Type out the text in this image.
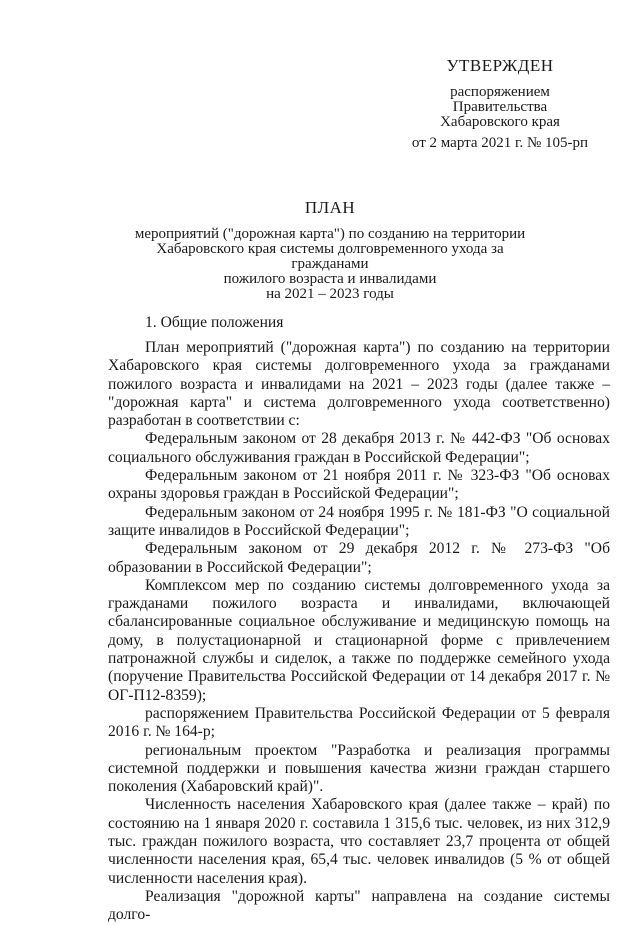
УТВЕРЖДЕН
распоряжением
Правительства
Хабаровского края
от 2 марта 2021 г. № 105-рп
ПЛАН
мероприятий ("дорожная карта") по созданию на территории
Хабаровского края системы долговременного ухода за гражданами
пожилого возраста и инвалидами
на 2021 – 2023 годы
1. Общие положения

План мероприятий ("дорожная карта") по созданию на территории Хабаровского края системы долговременного ухода за гражданами пожилого возраста и инвалидами на 2021 – 2023 годы (далее также – "дорожная карта" и система долговременного ухода соответственно) разработан в соответствии с:

Федеральным законом от 28 декабря 2013 г. № 442-ФЗ "Об основах социального обслуживания граждан в Российской Федерации";

Федеральным законом от 21 ноября 2011 г. № 323-ФЗ "Об основах охраны здоровья граждан в Российской Федерации";

Федеральным законом от 24 ноября 1995 г. № 181-ФЗ "О социальной защите инвалидов в Российской Федерации";

Федеральным законом от 29 декабря 2012 г. № 273-ФЗ "Об образовании в Российской Федерации";

Комплексом мер по созданию системы долговременного ухода за гражданами пожилого возраста и инвалидами, включающей сбалансированные социальное обслуживание и медицинскую помощь на дому, в полустационарной и стационарной форме с привлечением патронажной службы и сиделок, а также по поддержке семейного ухода (поручение Правительства Российской Федерации от 14 декабря 2017 г. № ОГ-П12-8359);

распоряжением Правительства Российской Федерации от 5 февраля 2016 г. № 164-р;

региональным проектом "Разработка и реализация программы системной поддержки и повышения качества жизни граждан старшего поколения (Хабаровский край)".

Численность населения Хабаровского края (далее также – край) по состоянию на 1 января 2020 г. составила 1 315,6 тыс. человек, из них 312,9 тыс. граждан пожилого возраста, что составляет 23,7 процента от общей численности населения края, 65,4 тыс. человек инвалидов (5 % от общей численности населения края).

Реализация "дорожной карты" направлена на создание системы долго-
